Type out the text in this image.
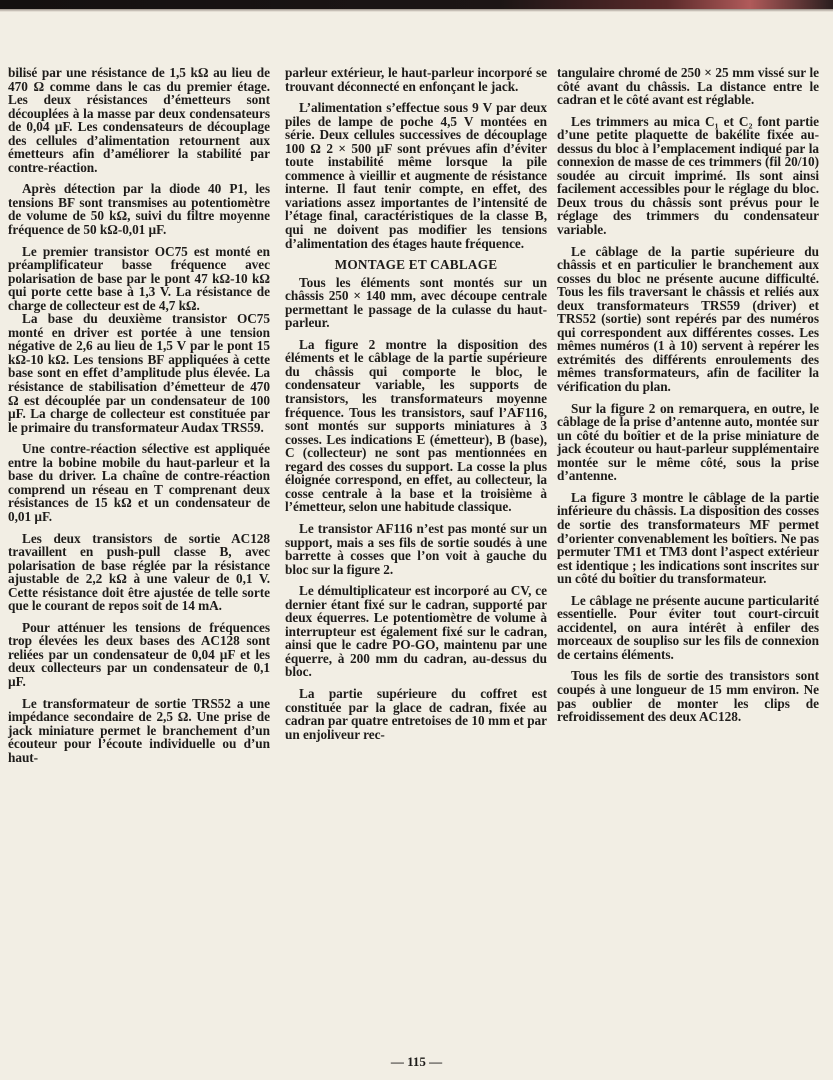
bilisé par une résistance de 1,5 kΩ au lieu de 470 Ω comme dans le cas du premier étage. Les deux résistances d’émetteurs sont découplées à la masse par deux condensateurs de 0,04 µF. Les condensateurs de découplage des cellules d’alimentation retournent aux émetteurs afin d’améliorer la stabilité par contre-réaction.

Après détection par la diode 40 P1, les tensions BF sont transmises au potentiomètre de volume de 50 kΩ, suivi du filtre moyenne fréquence de 50 kΩ-0,01 µF.

Le premier transistor OC75 est monté en préamplificateur basse fréquence avec polarisation de base par le pont 47 kΩ-10 kΩ qui porte cette base à 1,3 V. La résistance de charge de collecteur est de 4,7 kΩ.

La base du deuxième transistor OC75 monté en driver est portée à une tension négative de 2,6 au lieu de 1,5 V par le pont 15 kΩ-10 kΩ. Les tensions BF appliquées à cette base sont en effet d’amplitude plus élevée. La résistance de stabilisation d’émetteur de 470 Ω est découplée par un condensateur de 100 µF. La charge de collecteur est constituée par le primaire du transformateur Audax TRS59.

Une contre-réaction sélective est appliquée entre la bobine mobile du haut-parleur et la base du driver. La chaîne de contre-réaction comprend un réseau en T comprenant deux résistances de 15 kΩ et un condensateur de 0,01 µF.

Les deux transistors de sortie AC128 travaillent en push-pull classe B, avec polarisation de base réglée par la résistance ajustable de 2,2 kΩ à une valeur de 0,1 V. Cette résistance doit être ajustée de telle sorte que le courant de repos soit de 14 mA.

Pour atténuer les tensions de fréquences trop élevées les deux bases des AC128 sont reliées par un condensateur de 0,04 µF et les deux collecteurs par un condensateur de 0,1 µF.

Le transformateur de sortie TRS52 a une impédance secondaire de 2,5 Ω. Une prise de jack miniature permet le branchement d’un écouteur pour l’écoute individuelle ou d’un haut-

parleur extérieur, le haut-parleur incorporé se trouvant déconnecté en enfonçant le jack.

L’alimentation s’effectue sous 9 V par deux piles de lampe de poche 4,5 V montées en série. Deux cellules successives de découplage 100 Ω 2 × 500 µF sont prévues afin d’éviter toute instabilité même lorsque la pile commence à vieillir et augmente de résistance interne. Il faut tenir compte, en effet, des variations assez importantes de l’intensité de l’étage final, caractéristiques de la classe B, qui ne doivent pas modifier les tensions d’alimentation des étages haute fréquence.

MONTAGE ET CABLAGE

Tous les éléments sont montés sur un châssis 250 × 140 mm, avec découpe centrale permettant le passage de la culasse du haut-parleur.

La figure 2 montre la disposition des éléments et le câblage de la partie supérieure du châssis qui comporte le bloc, le condensateur variable, les supports de transistors, les transformateurs moyenne fréquence. Tous les transistors, sauf l’AF116, sont montés sur supports miniatures à 3 cosses. Les indications E (émetteur), B (base), C (collecteur) ne sont pas mentionnées en regard des cosses du support. La cosse la plus éloignée correspond, en effet, au collecteur, la cosse centrale à la base et la troisième à l’émetteur, selon une habitude classique.

Le transistor AF116 n’est pas monté sur un support, mais a ses fils de sortie soudés à une barrette à cosses que l’on voit à gauche du bloc sur la figure 2.

Le démultiplicateur est incorporé au CV, ce dernier étant fixé sur le cadran, supporté par deux équerres. Le potentiomètre de volume à interrupteur est également fixé sur le cadran, ainsi que le cadre PO-GO, maintenu par une équerre, à 200 mm du cadran, au-dessus du bloc.

La partie supérieure du coffret est constituée par la glace de cadran, fixée au cadran par quatre entretoises de 10 mm et par un enjoliveur rec-

tangulaire chromé de 250 × 25 mm vissé sur le côté avant du châssis. La distance entre le cadran et le côté avant est réglable.

Les trimmers au mica C₁ et C₂ font partie d’une petite plaquette de bakélite fixée au-dessus du bloc à l’emplacement indiqué par la connexion de masse de ces trimmers (fil 20/10) soudée au circuit imprimé. Ils sont ainsi facilement accessibles pour le réglage du bloc. Deux trous du châssis sont prévus pour le réglage des trimmers du condensateur variable.

Le câblage de la partie supérieure du châssis et en particulier le branchement aux cosses du bloc ne présente aucune difficulté. Tous les fils traversant le châssis et reliés aux deux transformateurs TRS59 (driver) et TRS52 (sortie) sont repérés par des numéros qui correspondent aux différentes cosses. Les mêmes numéros (1 à 10) servent à repérer les extrémités des différents enroulements des mêmes transformateurs, afin de faciliter la vérification du plan.

Sur la figure 2 on remarquera, en outre, le câblage de la prise d’antenne auto, montée sur un côté du boîtier et de la prise miniature de jack écouteur ou haut-parleur supplémentaire montée sur le même côté, sous la prise d’antenne.

La figure 3 montre le câblage de la partie inférieure du châssis. La disposition des cosses de sortie des transformateurs MF permet d’orienter convenablement les boîtiers. Ne pas permuter TM1 et TM3 dont l’aspect extérieur est identique ; les indications sont inscrites sur un côté du boîtier du transformateur.

Le câblage ne présente aucune particularité essentielle. Pour éviter tout court-circuit accidentel, on aura intérêt à enfiler des morceaux de soupliso sur les fils de connexion de certains éléments.

Tous les fils de sortie des transistors sont coupés à une longueur de 15 mm environ. Ne pas oublier de monter les clips de refroidissement des deux AC128.

— 115 —
